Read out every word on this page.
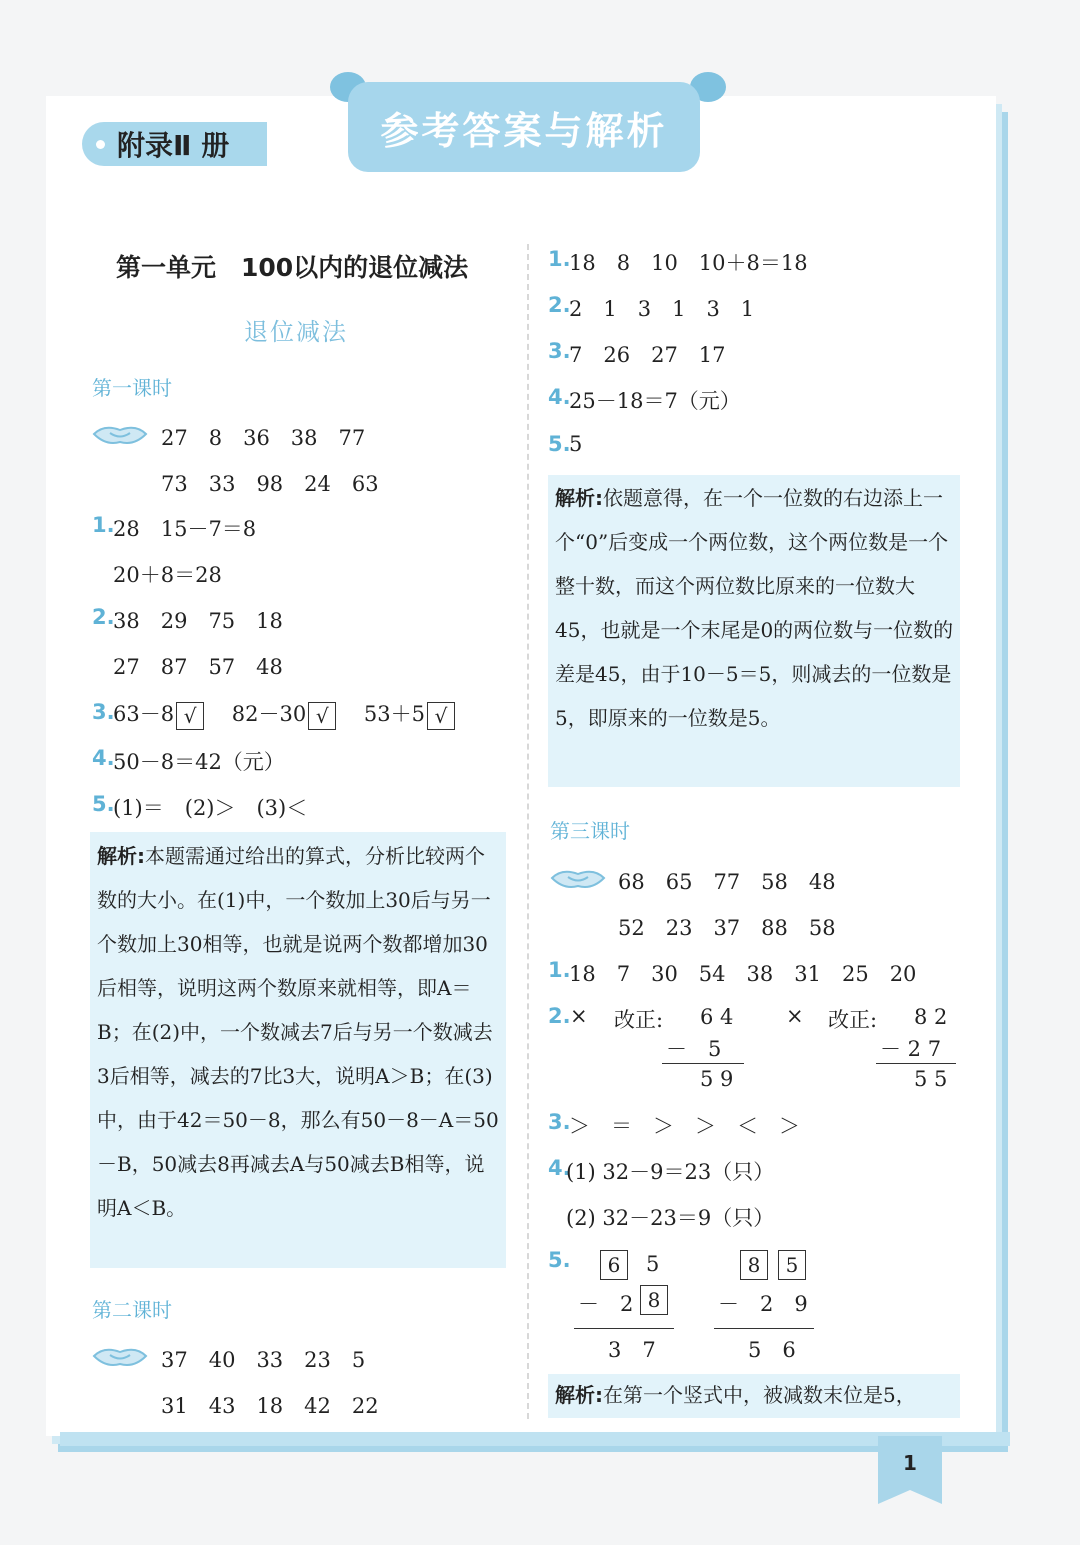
参考答案与解析
附录Ⅱ 册
第一单元　100以内的退位减法
退位减法
第一课时
27　8　36　38　77
73　33　98　24　63
1.
28　15－7＝8
20＋8＝28
2.
38　29　75　18
27　87　57　48
3.
63－8 √　 82－30 √　 53＋5 √
4.
50－8＝42（元）
5.
(1)＝　(2)＞　(3)＜
解析:本题需通过给出的算式，分析比较两个数的大小。在(1)中，一个数加上30后与另一个数加上30相等，也就是说两个数都增加30后相等，说明这两个数原来就相等，即A＝B；在(2)中，一个数减去7后与另一个数减去3后相等，减去的7比3大，说明A＞B；在(3)中，由于42＝50－8，那么有50－8－A＝50－B，50减去8再减去A与50减去B相等，说明A＜B。
第二课时
37　40　33　23　5
31　43　18　42　22
1.
18　8　10　10＋8＝18
2.
2　1　3　1　3　1
3.
7　26　27　17
4.
25－18＝7（元）
5.
5
解析:依题意得，在一个一位数的右边添上一个“0”后变成一个两位数，这个两位数是一个整十数，而这个两位数比原来的一位数大45，也就是一个末尾是0的两位数与一位数的差是45，由于10－5＝5，则减去的一位数是5，即原来的一位数是5。
第三课时
68　65　77　58　48
52　23　37　88　58
1.
18　7　30　54　38　31　25　20
2. × 改正: 6 4
－　5
5 9
× 改正: 8 2
－ 2 7
5 5
3.
＞　＝　＞　＞　＜　＞
4.
(1) 32－9＝23（只）
(2) 32－23＝9（只）
5.	6	5
－　2 8
3　7
8	5
－　2　9
5　6
解析:在第一个竖式中，被减数末位是5，
1
